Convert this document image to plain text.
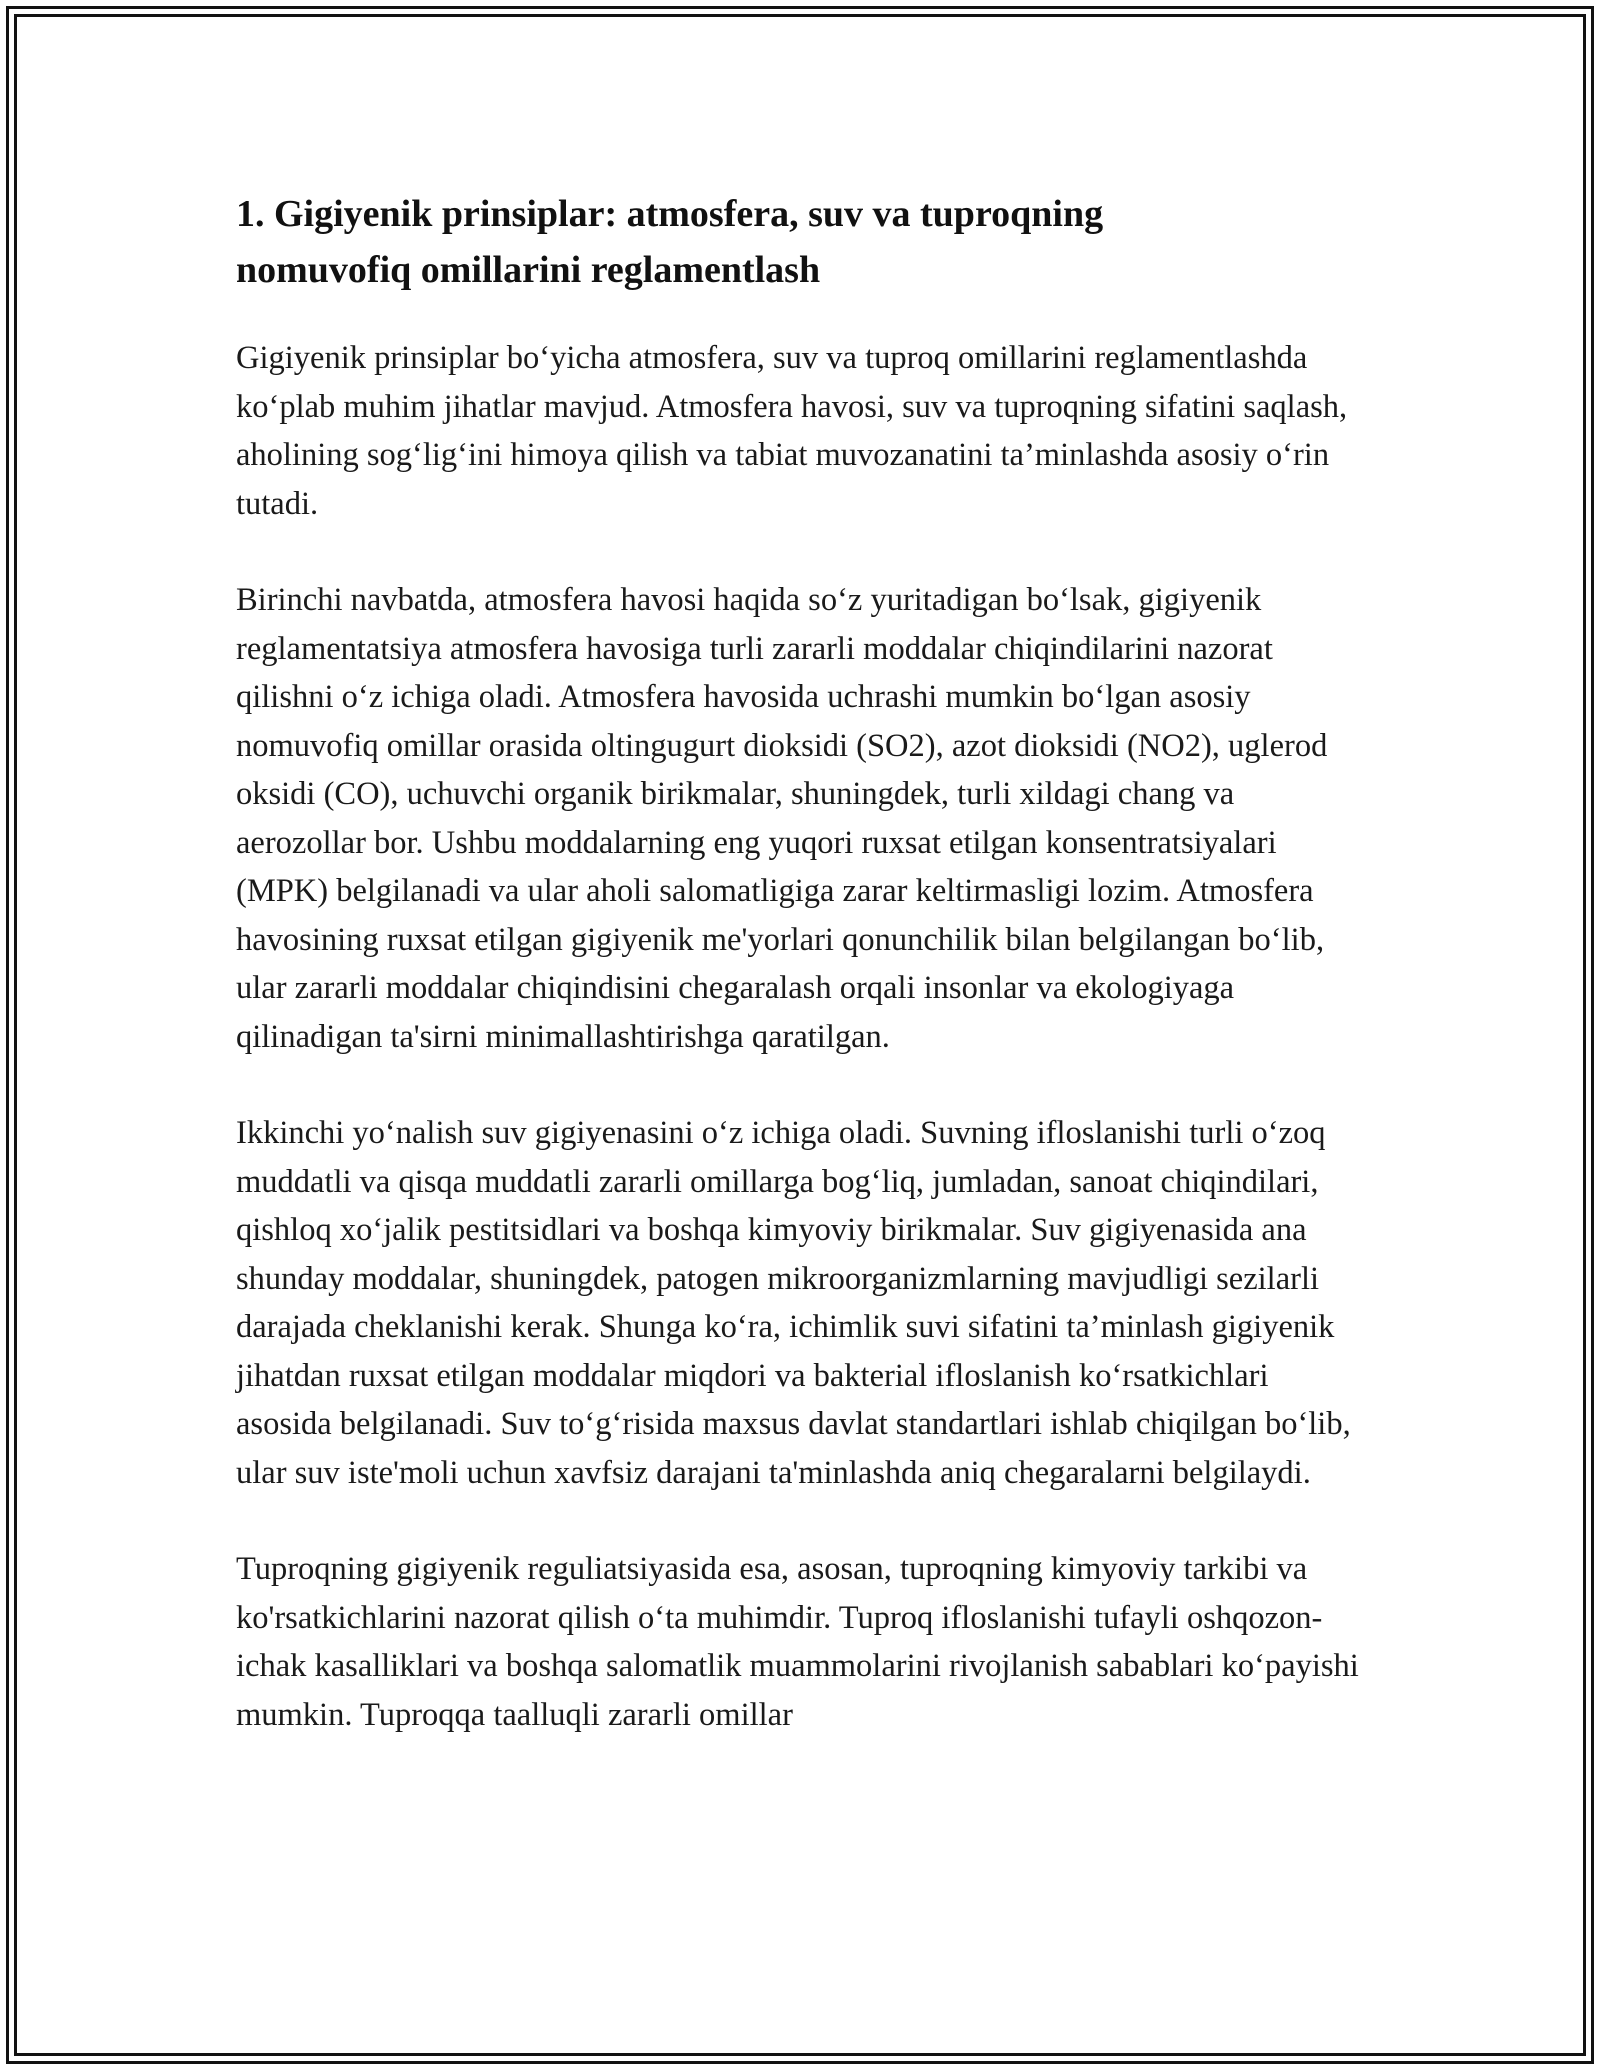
1. Gigiyenik prinsiplar: atmosfera, suv va tuproqning
nomuvofiq omillarini reglamentlash

Gigiyenik prinsiplar bo‘yicha atmosfera, suv va tuproq omillarini reglamentlashda ko‘plab muhim jihatlar mavjud. Atmosfera havosi, suv va tuproqning sifatini saqlash, aholining sog‘lig‘ini himoya qilish va tabiat muvozanatini ta’minlashda asosiy o‘rin tutadi.

Birinchi navbatda, atmosfera havosi haqida so‘z yuritadigan bo‘lsak, gigiyenik reglamentatsiya atmosfera havosiga turli zararli moddalar chiqindilarini nazorat qilishni o‘z ichiga oladi. Atmosfera havosida uchrashi mumkin bo‘lgan asosiy nomuvofiq omillar orasida oltingugurt dioksidi (SO2), azot dioksidi (NO2), uglerod oksidi (CO), uchuvchi organik birikmalar, shuningdek, turli xildagi chang va aerozollar bor. Ushbu moddalarning eng yuqori ruxsat etilgan konsentratsiyalari (MPK) belgilanadi va ular aholi salomatligiga zarar keltirmasligi lozim. Atmosfera havosining ruxsat etilgan gigiyenik me'yorlari qonunchilik bilan belgilangan bo‘lib, ular zararli moddalar chiqindisini chegaralash orqali insonlar va ekologiyaga qilinadigan ta'sirni minimallashtirishga qaratilgan.

Ikkinchi yo‘nalish suv gigiyenasini o‘z ichiga oladi. Suvning ifloslanishi turli o‘zoq muddatli va qisqa muddatli zararli omillarga bog‘liq, jumladan, sanoat chiqindilari, qishloq xo‘jalik pestitsidlari va boshqa kimyoviy birikmalar. Suv gigiyenasida ana shunday moddalar, shuningdek, patogen mikroorganizmlarning mavjudligi sezilarli darajada cheklanishi kerak. Shunga ko‘ra, ichimlik suvi sifatini ta’minlash gigiyenik jihatdan ruxsat etilgan moddalar miqdori va bakterial ifloslanish ko‘rsatkichlari asosida belgilanadi. Suv to‘g‘risida maxsus davlat standartlari ishlab chiqilgan bo‘lib, ular suv iste'moli uchun xavfsiz darajani ta'minlashda aniq chegaralarni belgilaydi.

Tuproqning gigiyenik reguliatsiyasida esa, asosan, tuproqning kimyoviy tarkibi va ko'rsatkichlarini nazorat qilish o‘ta muhimdir. Tuproq ifloslanishi tufayli oshqozon-ichak kasalliklari va boshqa salomatlik muammolarini rivojlanish sabablari ko‘payishi mumkin. Tuproqqa taalluqli zararli omillar
